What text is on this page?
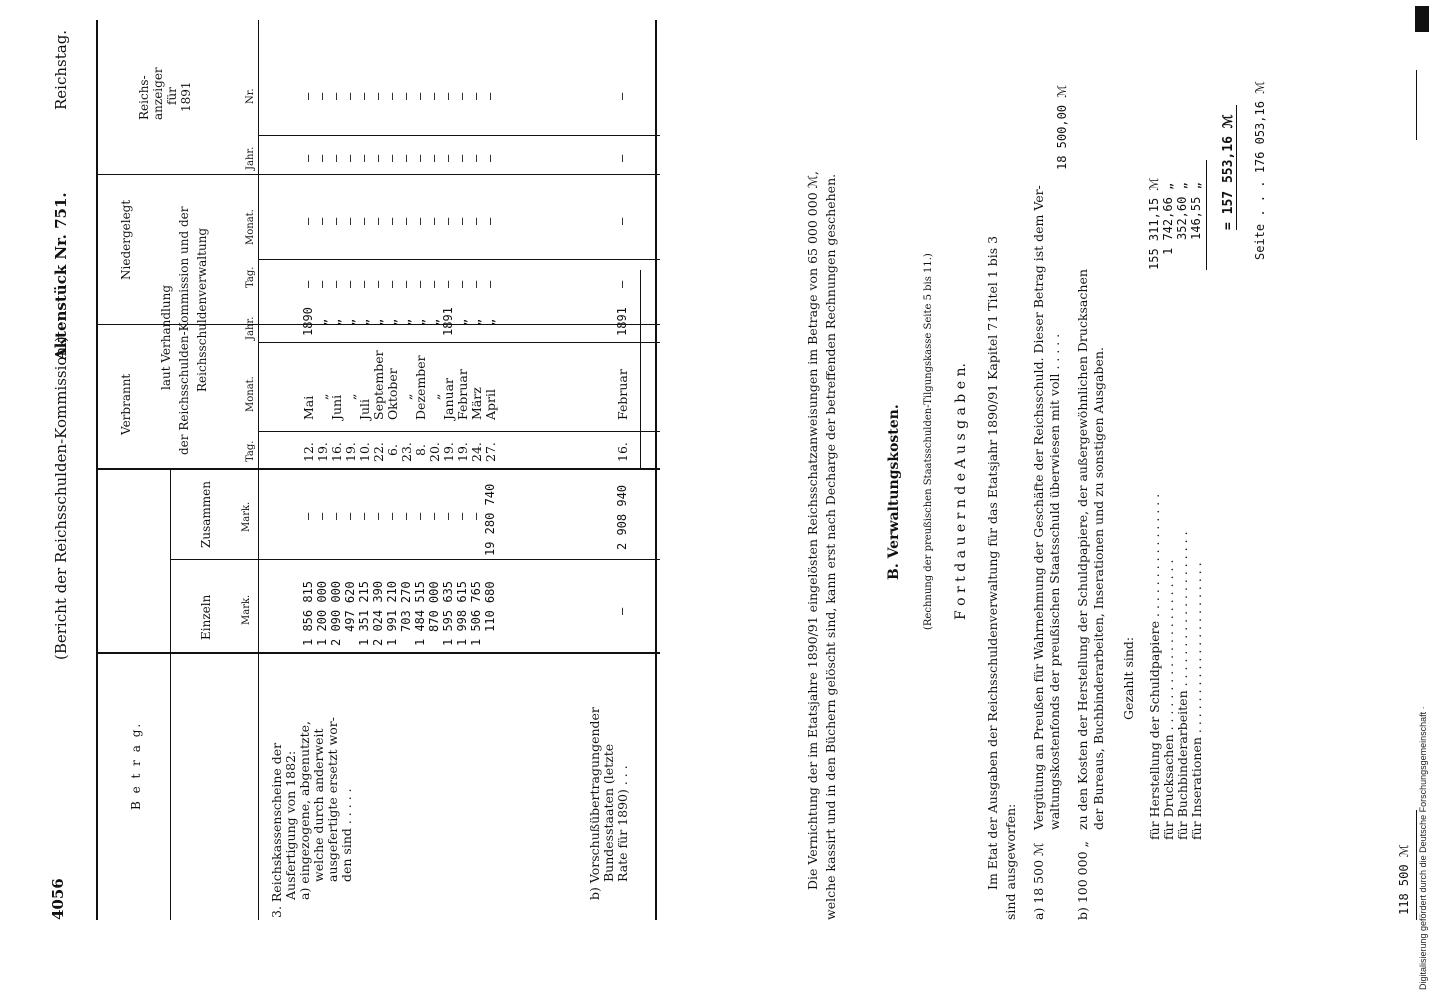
4056
Reichstag.
Aktenstück Nr. 751.
(Bericht der Reichsschulden-Kommission.)
B e t r a g.
Einzeln
Zusammen
Mark.
Mark.
Verbrannt
Niedergelegt
laut Verhandlung der Reichsschulden-Kommission und der Reichsschuldenverwaltung
Tag.
Monat.
Jahr.
Tag.
Monat.
Jahr.
Reichs- anzeiger für 1891	Nr.
3. Reichskassenscheine der Ausfertigung von 1882: a) eingezogene, abgenutzte, welche durch anderweit ausgefertigte ersetzt wor- den sind . . . . .
1 856 815
—
12.
Mai
1890
—
—
—
—
1 200 000
—
19.
„
„
—
—
—
—
2 090 000
—
16.
Juni
„
—
—
—
—
497 620
—
19.
„
„
—
—
—
—
1 351 215
—
10.
Juli
„
—
—
—
—
2 024 390
—
22.
September
„
—
—
—
—
1 991 210
—
6.
Oktober
„
—
—
—
—
703 270
—
23.
„
„
—
—
—
—
1 484 515
—
8.
Dezember
„
—
—
—
—
870 000
—
20.
„
„
—
—
—
—
1 595 635
—
19.
Januar
1891
—
—
—
—
1 998 615
—
19.
Februar
„
—
—
—
—
1 506 765
—
24.
März
„
—
—
—
—
110 680
19 280 740
27.
April
„
—
—
—
—
b) Vorschußübertragungender Bundesstaaten (letzte Rate für 1890) . . .
—
2 908 940
16.
Februar
1891
—
—
—
—
Die Vernichtung der im Etatsjahre 1890/91 eingelösten Reichsschatzanweisungen im Betrage von 65 000 000 ℳ, welche kassirt und in den Büchern gelöscht sind, kann erst nach Decharge der betreffenden Rechnungen geschehen.	B. Verwaltungskosten. (Rechnung der preußischen Staatsschulden-Tilgungskasse Seite 5 bis 11.) F o r t d a u e r n d e A u s g a b e n. Im Etat der Ausgaben der Reichsschuldenverwaltung für das Etatsjahr 1890/91 Kapitel 71 Titel 1 bis 3 sind ausgeworfen: a) 18 500 ℳ
Vergütung an Preußen für Wahrnehmung der Geschäfte der Reichsschuld. Dieser Betrag ist dem Ver- waltungskostenfonds der preußischen Staatsschuld überwiesen mit voll . . . . .
18 500,00 ℳ
b) 100 000 „
zu den Kosten der Herstellung der Schuldpapiere, der außergewöhnlichen Drucksachen der Bureaus, Buchbinderarbeiten, Inserationen und zu sonstigen Ausgaben. Gezahlt sind: für Herstellung der Schuldpapiere . . . . . . . . . . . . . . . . für Drucksachen . . . . . . . . . . . . . . . . . . . . . . für Buchbinderarbeiten . . . . . . . . . . . . . . . . . . . . für Inserationen . . . . . . . . . . . . . . . . . . . . . .
155 311,15 ℳ 1 742,66 „ 352,60 „ 146,55 „ = 157 553,16 ℳ Seite . . . 176 053,16 ℳ
118 500 ℳ Digitalisierung gefördert durch die Deutsche Forschungsgemeinschaft ·
